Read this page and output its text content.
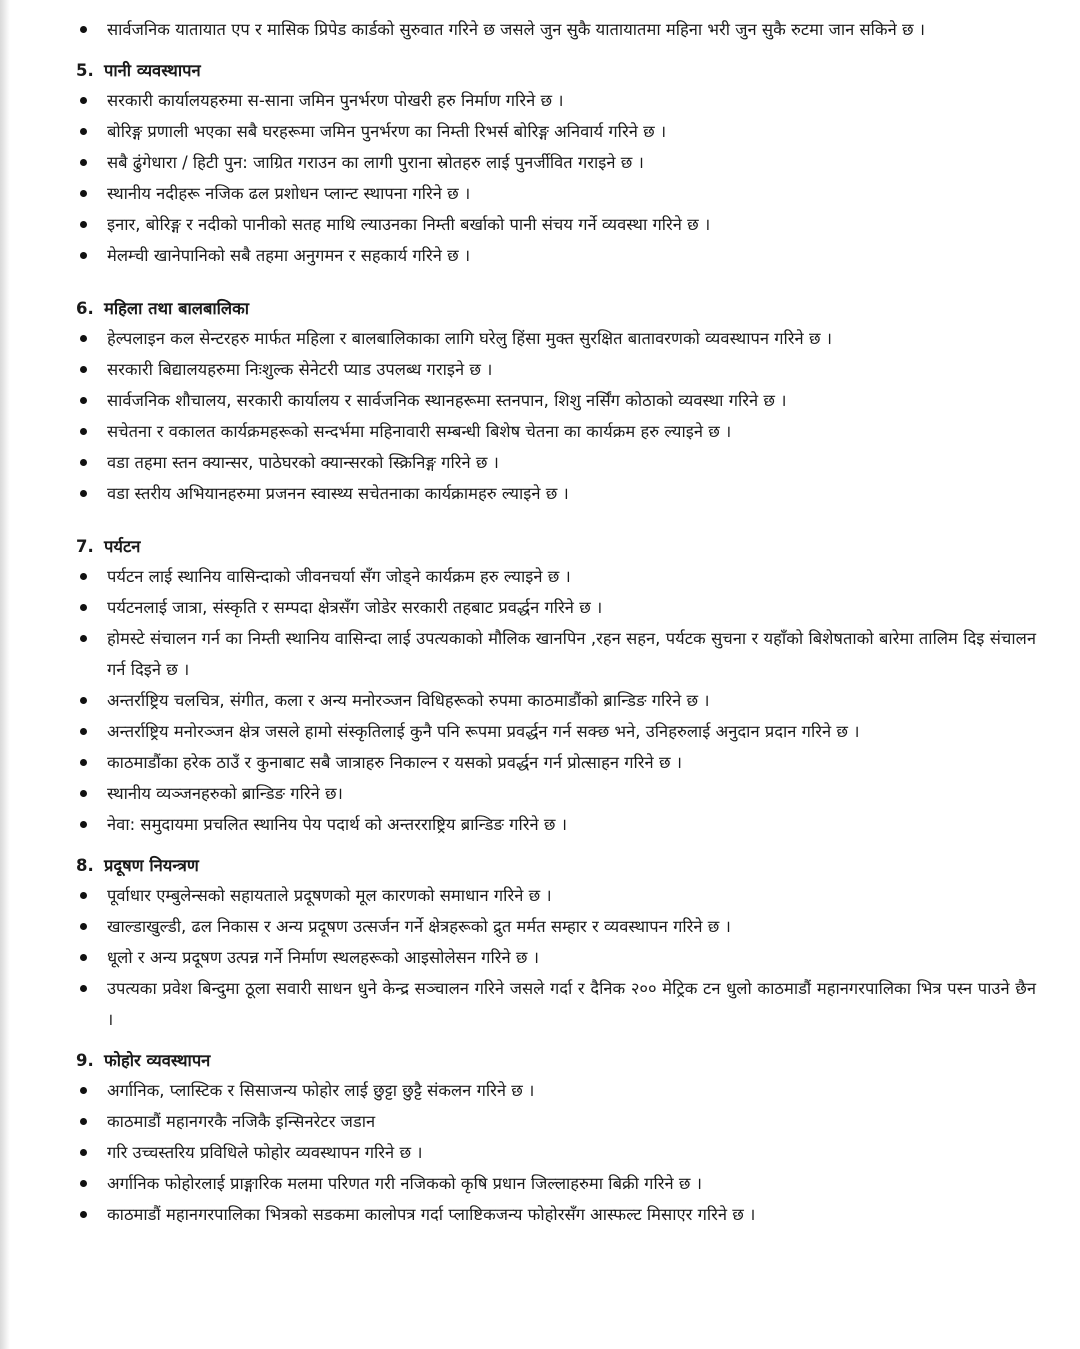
सार्वजनिक यातायात एप र मासिक प्रिपेड कार्डको सुरुवात गरिने छ जसले जुन सुकै यातायातमा महिना भरी जुन सुकै रुटमा जान सकिने छ ।
5. पानी व्यवस्थापन
सरकारी कार्यालयहरुमा स-साना जमिन पुनर्भरण पोखरी हरु निर्माण गरिने छ ।
बोरिङ्ग प्रणाली भएका सबै घरहरूमा जमिन पुनर्भरण का निम्ती रिभर्स बोरिङ्ग अनिवार्य गरिने छ ।
सबै ढुंगेधारा / हिटी पुन: जाग्रित गराउन का लागी पुराना स्रोतहरु लाई पुनर्जीवित गराइने छ ।
स्थानीय नदीहरू नजिक ढल प्रशोधन प्लान्ट स्थापना गरिने छ ।
इनार, बोरिङ्ग र नदीको पानीको सतह माथि ल्याउनका निम्ती बर्खाको पानी संचय गर्ने व्यवस्था गरिने छ ।
मेलम्ची खानेपानिको सबै तहमा अनुगमन र सहकार्य गरिने छ ।
6. महिला तथा बालबालिका
हेल्पलाइन कल सेन्टरहरु मार्फत महिला र बालबालिकाका लागि घरेलु हिंसा मुक्त सुरक्षित बातावरणको व्यवस्थापन गरिने छ ।
सरकारी बिद्यालयहरुमा निःशुल्क सेनेटरी प्याड उपलब्ध गराइने छ ।
सार्वजनिक शौचालय, सरकारी कार्यालय र सार्वजनिक स्थानहरूमा स्तनपान, शिशु नर्सिंग कोठाको व्यवस्था गरिने छ ।
सचेतना र वकालत कार्यक्रमहरूको सन्दर्भमा महिनावारी सम्बन्धी बिशेष चेतना का कार्यक्रम हरु ल्याइने छ ।
वडा तहमा स्तन क्यान्सर, पाठेघरको क्यान्सरको स्क्रिनिङ्ग गरिने छ ।
वडा स्तरीय अभियानहरुमा प्रजनन स्वास्थ्य सचेतनाका कार्यक्रामहरु ल्याइने छ ।
7. पर्यटन
पर्यटन लाई स्थानिय वासिन्दाको जीवनचर्या सँग जोड्ने कार्यक्रम हरु ल्याइने छ ।
पर्यटनलाई जात्रा, संस्कृति र सम्पदा क्षेत्रसँग जोडेर सरकारी तहबाट प्रवर्द्धन गरिने छ ।
होमस्टे संचालन गर्न का निम्ती स्थानिय वासिन्दा लाई उपत्यकाको मौलिक खानपिन ,रहन सहन, पर्यटक सुचना र यहाँको बिशेषताको बारेमा तालिम दिइ संचालन गर्न दिइने छ ।
अन्तर्राष्ट्रिय चलचित्र, संगीत, कला र अन्य मनोरञ्जन विधिहरूको रुपमा काठमाडौंको ब्रान्डिङ गरिने छ ।
अन्तर्राष्ट्रिय मनोरञ्जन क्षेत्र जसले हामो संस्कृतिलाई कुनै पनि रूपमा प्रवर्द्धन गर्न सक्छ भने, उनिहरुलाई अनुदान प्रदान गरिने छ ।
काठमाडौंका हरेक ठाउँ र कुनाबाट सबै जात्राहरु निकाल्न र यसको प्रवर्द्धन गर्न प्रोत्साहन गरिने छ ।
स्थानीय व्यञ्जनहरुको ब्रान्डिङ गरिने छ।
नेवा: समुदायमा प्रचलित स्थानिय पेय पदार्थ को अन्तरराष्ट्रिय ब्रान्डिङ गरिने छ ।
8. प्रदूषण नियन्त्रण
पूर्वाधार एम्बुलेन्सको सहायताले प्रदूषणको मूल कारणको समाधान गरिने छ ।
खाल्डाखुल्डी, ढल निकास र अन्य प्रदूषण उत्सर्जन गर्ने क्षेत्रहरूको द्रुत मर्मत सम्हार र व्यवस्थापन गरिने छ ।
धूलो र अन्य प्रदूषण उत्पन्न गर्ने निर्माण स्थलहरूको आइसोलेसन गरिने छ ।
उपत्यका प्रवेश बिन्दुमा ठूला सवारी साधन धुने केन्द्र सञ्चालन गरिने जसले गर्दा र दैनिक २०० मेट्रिक टन धुलो काठमाडौं महानगरपालिका भित्र पस्न पाउने छैन ।
9. फोहोर व्यवस्थापन
अर्गानिक, प्लास्टिक र सिसाजन्य फोहोर लाई छुट्टा छुट्टै संकलन गरिने छ ।
काठमाडौं महानगरकै नजिकै इन्सिनरेटर जडान
गरि उच्चस्तरिय प्रविधिले फोहोर व्यवस्थापन गरिने छ ।
अर्गानिक फोहोरलाई प्राङ्गारिक मलमा परिणत गरी नजिकको कृषि प्रधान जिल्लाहरुमा बिक्री गरिने छ ।
काठमाडौं महानगरपालिका भित्रको सडकमा कालोपत्र गर्दा प्लाष्टिकजन्य फोहोरसँग आस्फल्ट मिसाएर गरिने छ ।
